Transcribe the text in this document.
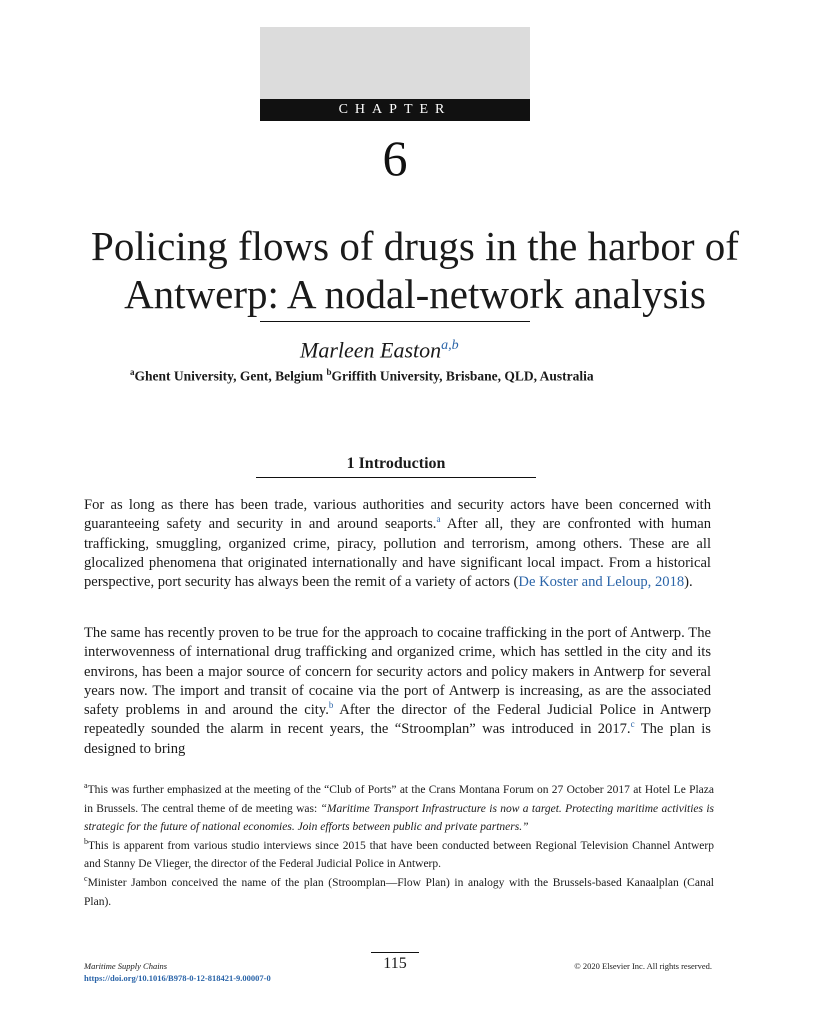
CHAPTER
6
Policing flows of drugs in the harbor of
Antwerp: A nodal-network analysis
Marleen Easton$^{a,b}$
$^a$Ghent University, Gent, Belgium $^b$Griffith University, Brisbane, QLD, Australia
1 Introduction

For as long as there has been trade, various authorities and security actors have been concerned with guaranteeing safety and security in and around seaports.$^a$ After all, they are confronted with human trafficking, smuggling, organized crime, piracy, pollution and terrorism, among others. These are all glocalized phenomena that originated internationally and have significant local impact. From a historical perspective, port security has always been the remit of a variety of actors (De Koster and Leloup, 2018).

The same has recently proven to be true for the approach to cocaine trafficking in the port of Antwerp. The interwovenness of international drug trafficking and organized crime, which has settled in the city and its environs, has been a major source of concern for security actors and policy makers in Antwerp for several years now. The import and transit of cocaine via the port of Antwerp is increasing, as are the associated safety problems in and around the city.$^b$ After the director of the Federal Judicial Police in Antwerp repeatedly sounded the alarm in recent years, the “Stroomplan” was introduced in 2017.$^c$ The plan is designed to bring

$^a$This was further emphasized at the meeting of the “Club of Ports” at the Crans Montana Forum on 27 October 2017 at Hotel Le Plaza in Brussels. The central theme of de meeting was: “Maritime Transport Infrastructure is now a target. Protecting maritime activities is strategic for the future of national economies. Join efforts between public and private partners.”

$^b$This is apparent from various studio interviews since 2015 that have been conducted between Regional Television Channel Antwerp and Stanny De Vlieger, the director of the Federal Judicial Police in Antwerp.

$^c$Minister Jambon conceived the name of the plan (Stroomplan—Flow Plan) in analogy with the Brussels-based Kanaalplan (Canal Plan).

115
Maritime Supply Chains
https://doi.org/10.1016/B978-0-12-818421-9.00007-0
© 2020 Elsevier Inc. All rights reserved.
